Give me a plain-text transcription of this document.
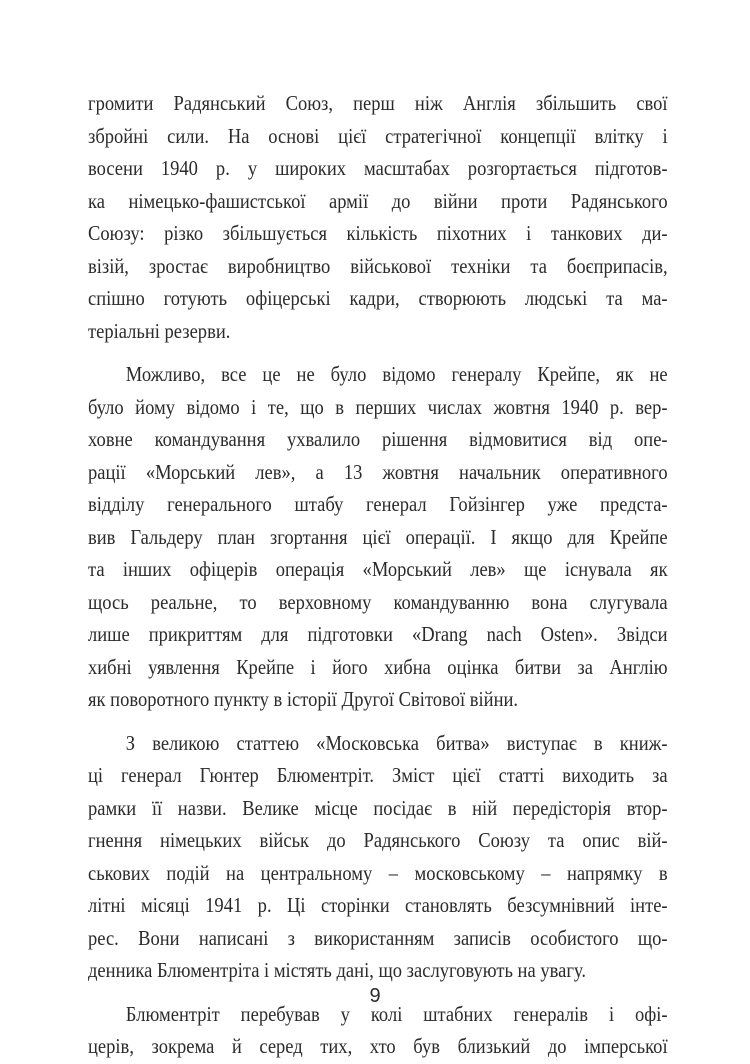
громити Радянський Союз, перш ніж Англія збільшить свої
збройні сили. На основі цієї стратегічної концепції влітку і
восени 1940 р. у широких масштабах розгортається підготов-
ка німецько-фашистської армії до війни проти Радянського
Союзу: різко збільшується кількість піхотних і танкових ди-
візій, зростає виробництво військової техніки та боєприпасів,
спішно готують офіцерські кадри, створюють людські та ма-
теріальні резерви.
Можливо, все це не було відомо генералу Крейпе, як не
було йому відомо і те, що в перших числах жовтня 1940 р. вер-
ховне командування ухвалило рішення відмовитися від опе-
рації «Морський лев», а 13 жовтня начальник оперативного
відділу генерального штабу генерал Гойзінгер уже предста-
вив Гальдеру план згортання цієї операції. І якщо для Крейпе
та інших офіцерів операція «Морський лев» ще існувала як
щось реальне, то верховному командуванню вона слугувала
лише прикриттям для підготовки «Drang nach Osten». Звідси
хибні уявлення Крейпе і його хибна оцінка битви за Англію
як поворотного пункту в історії Другої Світової війни.
З великою статтею «Московська битва» виступає в книж-
ці генерал Гюнтер Блюментріт. Зміст цієї статті виходить за
рамки її назви. Велике місце посідає в ній передісторія втор-
гнення німецьких військ до Радянського Союзу та опис вій-
ськових подій на центральному – московському – напрямку в
літні місяці 1941 р. Ці сторінки становлять безсумнівний інте-
рес. Вони написані з використанням записів особистого що-
денника Блюментріта і містять дані, що заслуговують на увагу.
Блюментріт перебував у колі штабних генералів і офі-
церів, зокрема й серед тих, хто був близький до імперської
9
